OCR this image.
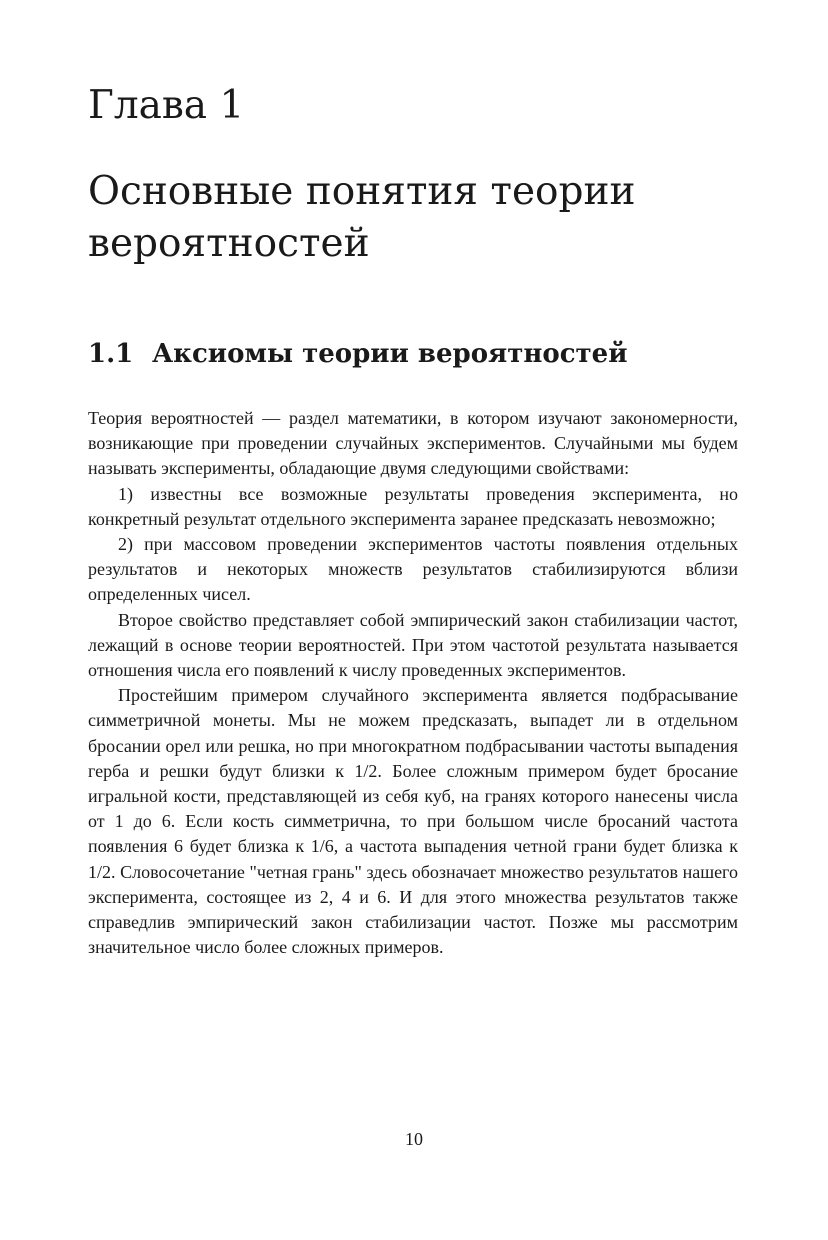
Глава 1
Основные понятия теории вероятностей
1.1 Аксиомы теории вероятностей

Теория вероятностей — раздел математики, в котором изучают закономерности, возникающие при проведении случайных экспериментов. Случайными мы будем называть эксперименты, обладающие двумя следующими свойствами:

1) известны все возможные результаты проведения эксперимента, но конкретный результат отдельного эксперимента заранее предсказать невозможно;

2) при массовом проведении экспериментов частоты появления отдельных результатов и некоторых множеств результатов стабилизируются вблизи определенных чисел.

Второе свойство представляет собой эмпирический закон стабилизации частот, лежащий в основе теории вероятностей. При этом частотой результата называется отношения числа его появлений к числу проведенных экспериментов.

Простейшим примером случайного эксперимента является подбрасывание симметричной монеты. Мы не можем предсказать, выпадет ли в отдельном бросании орел или решка, но при многократном подбрасывании частоты выпадения герба и решки будут близки к 1/2. Более сложным примером будет бросание игральной кости, представляющей из себя куб, на гранях которого нанесены числа от 1 до 6. Если кость симметрична, то при большом числе бросаний частота появления 6 будет близка к 1/6, а частота выпадения четной грани будет близка к 1/2. Словосочетание "четная грань" здесь обозначает множество результатов нашего эксперимента, состоящее из 2, 4 и 6. И для этого множества результатов также справедлив эмпирический закон стабилизации частот. Позже мы рассмотрим значительное число более сложных примеров.

10
